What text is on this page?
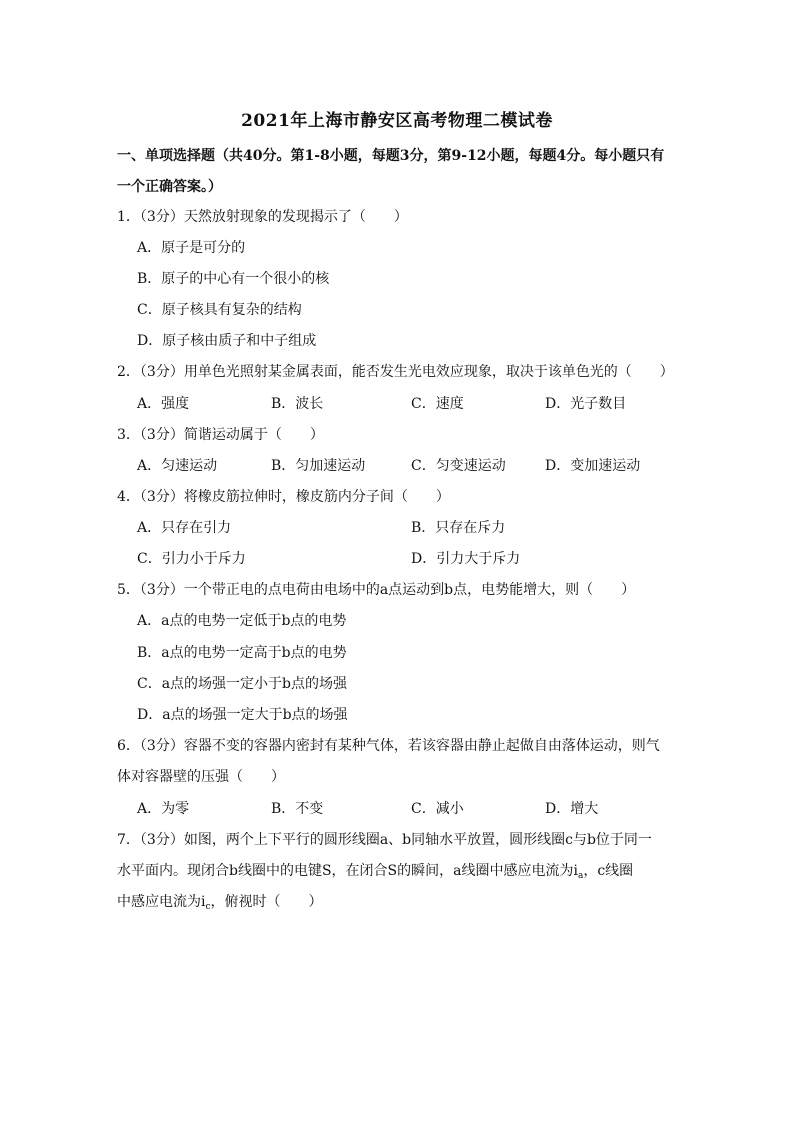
2021年上海市静安区高考物理二模试卷
一、单项选择题（共40分。第1-8小题，每题3分，第9-12小题，每题4分。每小题只有
一个正确答案。）
1．（3分）天然放射现象的发现揭示了（　　）
A．原子是可分的
B．原子的中心有一个很小的核
C．原子核具有复杂的结构
D．原子核由质子和中子组成
2．（3分）用单色光照射某金属表面，能否发生光电效应现象，取决于该单色光的（　　）
A．强度	B．波长	C．速度	D．光子数目
3．（3分）简谐运动属于（　　）
A．匀速运动	B．匀加速运动	C．匀变速运动	D．变加速运动
4．（3分）将橡皮筋拉伸时，橡皮筋内分子间（　　）
A．只存在引力	B．只存在斥力
C．引力小于斥力	D．引力大于斥力
5．（3分）一个带正电的点电荷由电场中的a点运动到b点，电势能增大，则（　　）
A．a点的电势一定低于b点的电势
B．a点的电势一定高于b点的电势
C．a点的场强一定小于b点的场强
D．a点的场强一定大于b点的场强
6．（3分）容器不变的容器内密封有某种气体，若该容器由静止起做自由落体运动，则气
体对容器壁的压强（　　）
A．为零	B．不变	C．减小	D．增大
7．（3分）如图，两个上下平行的圆形线圈a、b同轴水平放置，圆形线圈c与b位于同一
水平面内。现闭合b线圈中的电键S，在闭合S的瞬间，a线圈中感应电流为$i_a$，c线圈
中感应电流为$i_c$，俯视时（　　）
